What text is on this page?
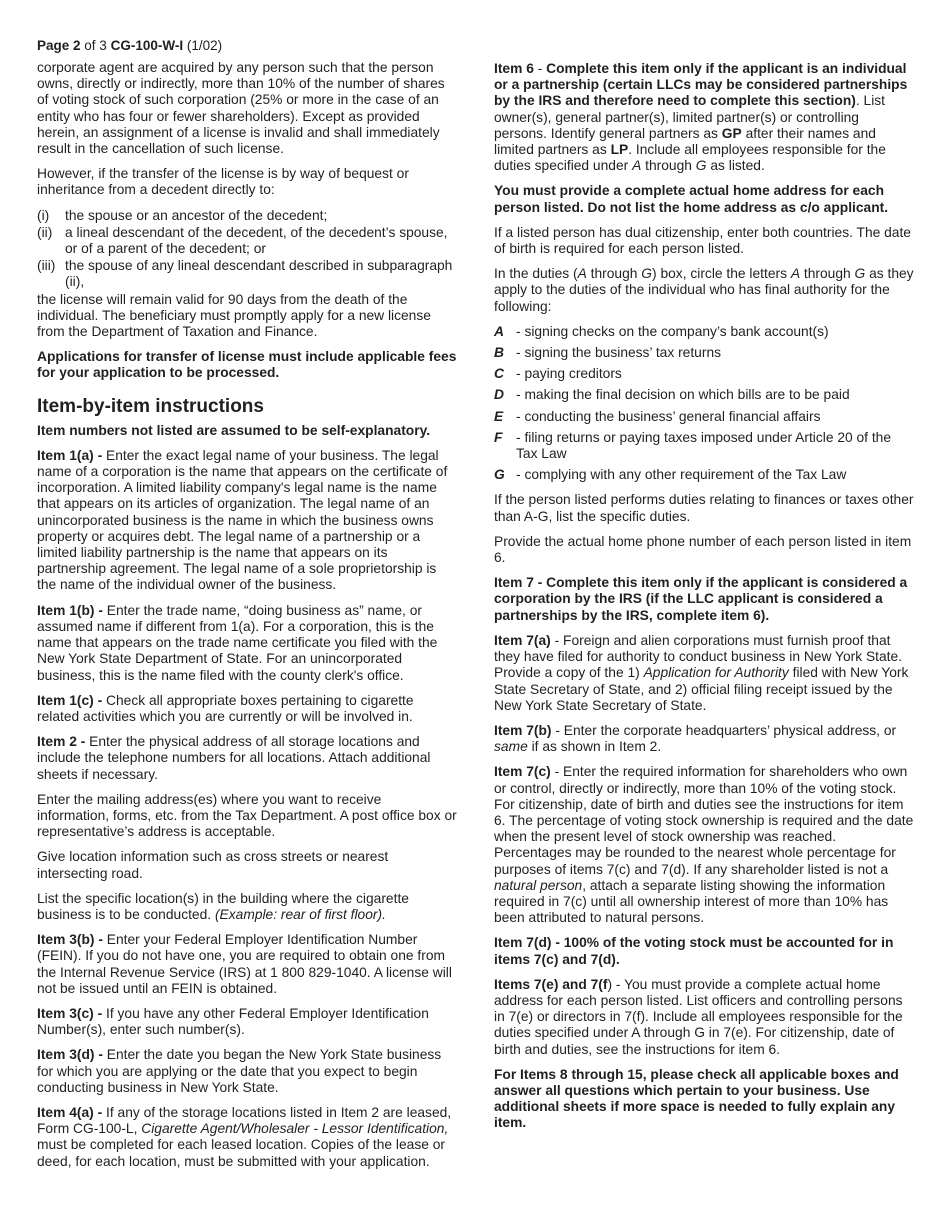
Page 2 of 3 CG-100-W-I (1/02)

corporate agent are acquired by any person such that the person owns, directly or indirectly, more than 10% of the number of shares of voting stock of such corporation (25% or more in the case of an entity who has four or fewer shareholders). Except as provided herein, an assignment of a license is invalid and shall immediately result in the cancellation of such license.

However, if the transfer of the license is by way of bequest or inheritance from a decedent directly to:

(i)	the spouse or an ancestor of the decedent;
(ii) a lineal descendant of the decedent, of the decedent’s spouse, or of a parent of the decedent; or
(iii) the spouse of any lineal descendant described in subparagraph (ii),

the license will remain valid for 90 days from the death of the individual. The beneficiary must promptly apply for a new license from the Department of Taxation and Finance.

Applications for transfer of license must include applicable fees for your application to be processed.

Item-by-item instructions

Item numbers not listed are assumed to be self-explanatory.

Item 1(a) - Enter the exact legal name of your business. The legal name of a corporation is the name that appears on the certificate of incorporation. A limited liability company's legal name is the name that appears on its articles of organization. The legal name of an unincorporated business is the name in which the business owns property or acquires debt. The legal name of a partnership or a limited liability partnership is the name that appears on its partnership agreement. The legal name of a sole proprietorship is the name of the individual owner of the business.

Item 1(b) - Enter the trade name, “doing business as” name, or assumed name if different from 1(a). For a corporation, this is the name that appears on the trade name certificate you filed with the New York State Department of State. For an unincorporated business, this is the name filed with the county clerk's office.

Item 1(c) - Check all appropriate boxes pertaining to cigarette related activities which you are currently or will be involved in.

Item 2 - Enter the physical address of all storage locations and include the telephone numbers for all locations. Attach additional sheets if necessary.

Enter the mailing address(es) where you want to receive information, forms, etc. from the Tax Department. A post office box or representative’s address is acceptable.

Give location information such as cross streets or nearest intersecting road.

List the specific location(s) in the building where the cigarette business is to be conducted. (Example: rear of first floor).

Item 3(b) - Enter your Federal Employer Identification Number (FEIN). If you do not have one, you are required to obtain one from the Internal Revenue Service (IRS) at 1 800 829-1040. A license will not be issued until an FEIN is obtained.

Item 3(c) - If you have any other Federal Employer Identification Number(s), enter such number(s).

Item 3(d) - Enter the date you began the New York State business for which you are applying or the date that you expect to begin conducting business in New York State.

Item 4(a) - If any of the storage locations listed in Item 2 are leased, Form CG-100-L, Cigarette Agent/Wholesaler - Lessor Identification, must be completed for each leased location. Copies of the lease or deed, for each location, must be submitted with your application.

Item 6 - Complete this item only if the applicant is an individual or a partnership (certain LLCs may be considered partnerships by the IRS and therefore need to complete this section). List owner(s), general partner(s), limited partner(s) or controlling persons. Identify general partners as GP after their names and limited partners as LP. Include all employees responsible for the duties specified under A through G as listed.

You must provide a complete actual home address for each person listed. Do not list the home address as c/o applicant.

If a listed person has dual citizenship, enter both countries. The date of birth is required for each person listed.

In the duties (A through G) box, circle the letters A through G as they apply to the duties of the individual who has final authority for the following:

A - signing checks on the company’s bank account(s)
B - signing the business’ tax returns
C - paying creditors
D - making the final decision on which bills are to be paid
E - conducting the business’ general financial affairs
F - filing returns or paying taxes imposed under Article 20 of the Tax Law
G - complying with any other requirement of the Tax Law

If the person listed performs duties relating to finances or taxes other than A-G, list the specific duties.

Provide the actual home phone number of each person listed in item 6.

Item 7 - Complete this item only if the applicant is considered a corporation by the IRS (if the LLC applicant is considered a partnerships by the IRS, complete item 6).

Item 7(a) - Foreign and alien corporations must furnish proof that they have filed for authority to conduct business in New York State. Provide a copy of the 1) Application for Authority filed with New York State Secretary of State, and 2) official filing receipt issued by the New York State Secretary of State.

Item 7(b) - Enter the corporate headquarters’ physical address, or same if as shown in Item 2.

Item 7(c) - Enter the required information for shareholders who own or control, directly or indirectly, more than 10% of the voting stock. For citizenship, date of birth and duties see the instructions for item 6. The percentage of voting stock ownership is required and the date when the present level of stock ownership was reached. Percentages may be rounded to the nearest whole percentage for purposes of items 7(c) and 7(d). If any shareholder listed is not a natural person, attach a separate listing showing the information required in 7(c) until all ownership interest of more than 10% has been attributed to natural persons.

Item 7(d) - 100% of the voting stock must be accounted for in items 7(c) and 7(d).

Items 7(e) and 7(f) - You must provide a complete actual home address for each person listed. List officers and controlling persons in 7(e) or directors in 7(f). Include all employees responsible for the duties specified under A through G in 7(e). For citizenship, date of birth and duties, see the instructions for item 6.

For Items 8 through 15, please check all applicable boxes and answer all questions which pertain to your business. Use additional sheets if more space is needed to fully explain any item.
